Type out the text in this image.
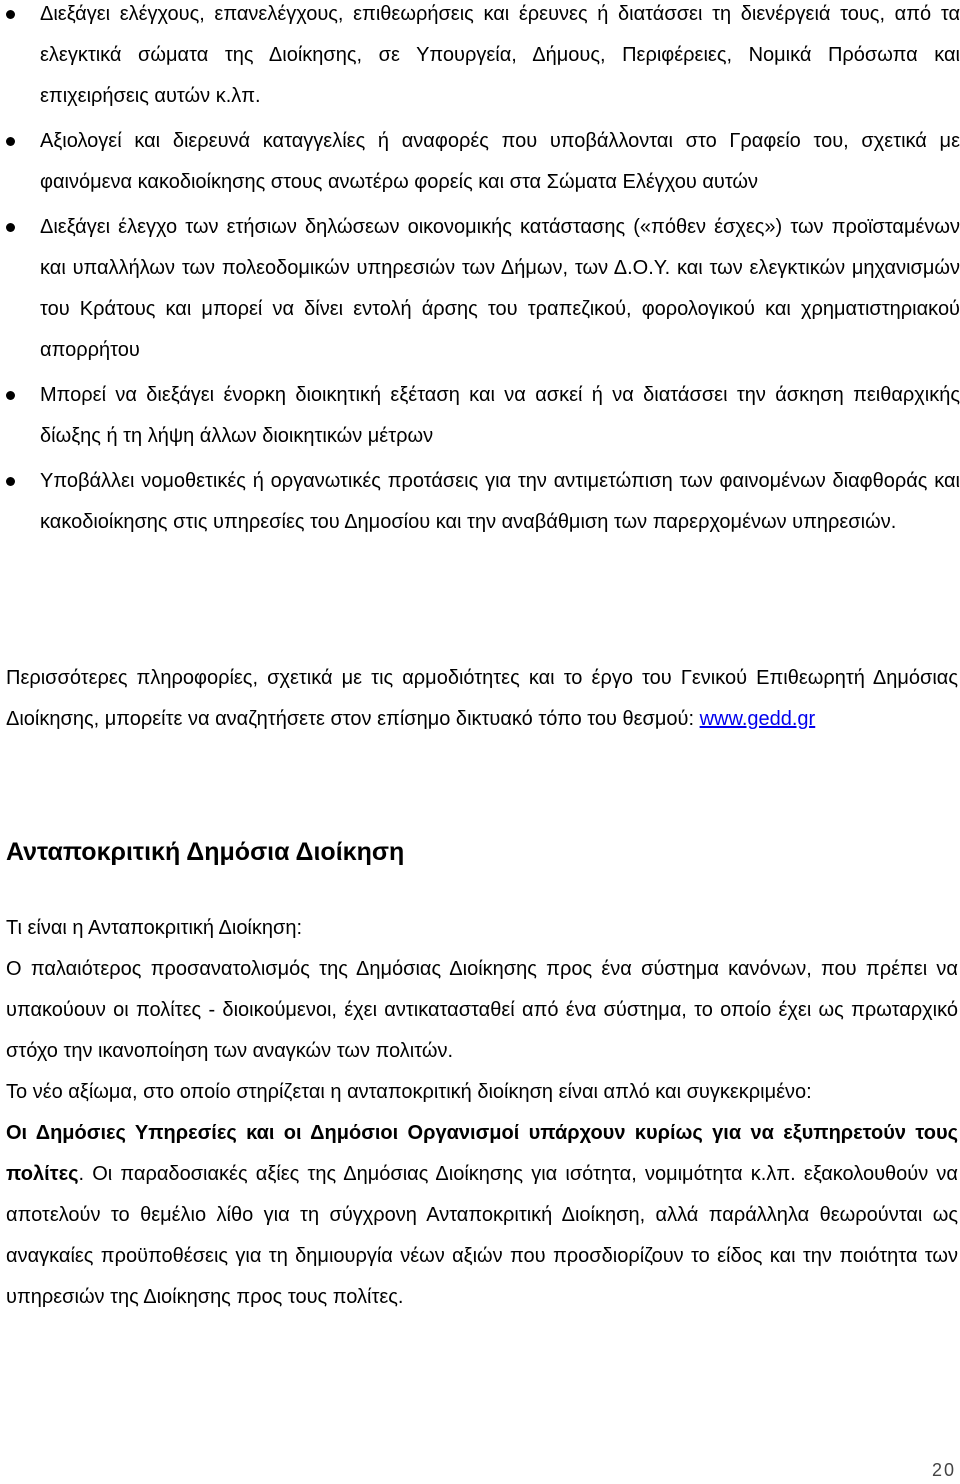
Διεξάγει ελέγχους, επανελέγχους, επιθεωρήσεις και έρευνες ή διατάσσει τη διενέργειά τους, από τα ελεγκτικά σώματα της Διοίκησης, σε Υπουργεία, Δήμους, Περιφέρειες, Νομικά Πρόσωπα και επιχειρήσεις αυτών κ.λπ.
Αξιολογεί και διερευνά καταγγελίες ή αναφορές που υποβάλλονται στο Γραφείο του, σχετικά με φαινόμενα κακοδιοίκησης στους ανωτέρω φορείς και στα Σώματα Ελέγχου αυτών
Διεξάγει έλεγχο των ετήσιων δηλώσεων οικονομικής κατάστασης («πόθεν έσχες») των προϊσταμένων και υπαλλήλων των πολεοδομικών υπηρεσιών των Δήμων, των Δ.Ο.Υ. και των ελεγκτικών μηχανισμών του Κράτους και μπορεί να δίνει εντολή άρσης του τραπεζικού, φορολογικού και χρηματιστηριακού απορρήτου
Μπορεί να διεξάγει ένορκη διοικητική εξέταση και να ασκεί ή να διατάσσει την άσκηση πειθαρχικής δίωξης ή τη λήψη άλλων διοικητικών μέτρων
Υποβάλλει νομοθετικές ή οργανωτικές προτάσεις για την αντιμετώπιση των φαινομένων διαφθοράς και κακοδιοίκησης στις υπηρεσίες του Δημοσίου και την αναβάθμιση των παρερχομένων υπηρεσιών.
Περισσότερες πληροφορίες, σχετικά με τις αρμοδιότητες και το έργο του Γενικού Επιθεωρητή Δημόσιας Διοίκησης, μπορείτε να αναζητήσετε στον επίσημο δικτυακό τόπο του θεσμού: www.gedd.gr
Ανταποκριτική Δημόσια Διοίκηση

Τι είναι η Ανταποκριτική Διοίκηση:

Ο παλαιότερος προσανατολισμός της Δημόσιας Διοίκησης προς ένα σύστημα κανόνων, που πρέπει να υπακούουν οι πολίτες - διοικούμενοι, έχει αντικατασταθεί από ένα σύστημα, το οποίο έχει ως πρωταρχικό στόχο την ικανοποίηση των αναγκών των πολιτών.

Το νέο αξίωμα, στο οποίο στηρίζεται η ανταποκριτική διοίκηση είναι απλό και συγκεκριμένο:

Οι Δημόσιες Υπηρεσίες και οι Δημόσιοι Οργανισμοί υπάρχουν κυρίως για να εξυπηρετούν τους πολίτες. Οι παραδοσιακές αξίες της Δημόσιας Διοίκησης για ισότητα, νομιμότητα κ.λπ. εξακολουθούν να αποτελούν το θεμέλιο λίθο για τη σύγχρονη Ανταποκριτική Διοίκηση, αλλά παράλληλα θεωρούνται ως αναγκαίες προϋποθέσεις για τη δημιουργία νέων αξιών που προσδιορίζουν το είδος και την ποιότητα των υπηρεσιών της Διοίκησης προς τους πολίτες.

20
